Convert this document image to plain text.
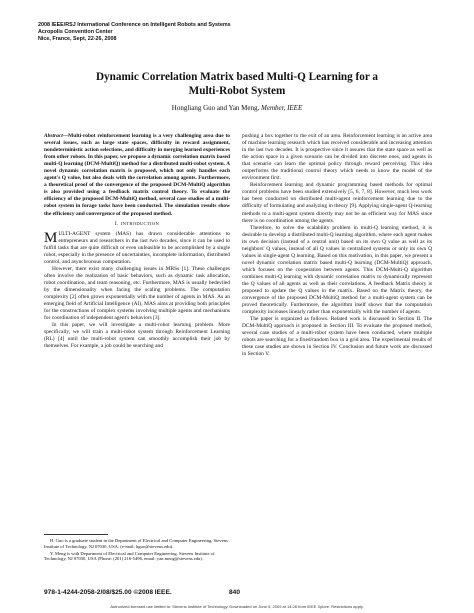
2008 IEEE/RSJ International Conference on Intelligent Robots and Systems
Acropolis Convention Center
Nice, France, Sept, 22-26, 2008
Dynamic Correlation Matrix based Multi-Q Learning for a
Multi-Robot System
Hongliang Guo and Yan Meng, Member, IEEE

Abstract—Multi-robot reinforcement learning is a very challenging area due to several issues, such as large state spaces, difficulty in reward assignment, nondeterministic action selections, and difficulty in merging learned experiences from other robots. In this paper, we propose a dynamic correlation matrix based multi-Q learning (DCM-MultiQ) method for a distributed multi-robot system. A novel dynamic correlation matrix is proposed, which not only handles each agent's Q value, but also deals with the correlation among agents. Furthermore, a theoretical proof of the convergence of the proposed DCM-MultiQ algorithm is also provided using a feedback matrix control theory. To evaluate the efficiency of the proposed DCM-MultiQ method, several case studies of a multi-robot system in forage tasks have been conducted. The simulation results show the efficiency and convergence of the proposed method.

I. INTRODUCTION

MULTI-AGENT system (MAS) has drawn considerable attentions to entrepreneurs and researchers in the last two decades, since it can be used to fulfill tasks that are quite difficult or even unfeasible to be accomplished by a single robot, especially in the presence of uncertainties, incomplete information, distributed control, and asynchronous computation.

However, there exist many challenging issues in MRSs [1]. These challenges often involve the realization of basic behaviors, such as dynamic task allocation, robot coordination, and team reasoning, etc. Furthermore, MAS is usually bedeviled by the dimensionality when facing the scaling problems. The computation complexity [2] often grows exponentially with the number of agents in MAS. As an emerging field of Artificial Intelligence (AI), MAS aims at providing both principles for the constructions of complex systems involving multiple agents and mechanisms for coordination of independent agent's behaviors [3].

In this paper, we will investigate a multi-robot learning problem. More specifically, we will train a multi-robot system through Reinforcement Learning (RL) [4] until the multi-robot system can smoothly accomplish their job by themselves. For example, a job could be searching and

H. Guo is a graduate student in the Department of Electrical and Computer Engineering, Stevens Institute of Technology, NJ 07030, USA, (e-mail: hguo@stevens.edu).

Y. Meng is with Department of Electrical and Computer Engineering, Stevens Institute of Technology, NJ 07030, USA (Phone: (201) 216-5496, email: yan.meng@stevens.edu).

pushing a box together to the exit of an area. Reinforcement learning is an active area of machine learning research which has received considerable and increasing attention in the last two decades. It is prospective since it assures that the state space as well as the action space in a given scenario can be divided into discrete ones, and agents in that scenario can learn the optimal policy through reward perceiving. This idea outperforms the traditional control theory which needs to know the model of the environment first.

Reinforcement learning and dynamic programming based methods for optimal control problems have been studied extensively [5, 6, 7, 8]. However, much less work has been conducted on distributed multi-agent reinforcement learning due to the difficulty of formulating and analyzing in theory [9]. Applying single-agent Q-learning methods to a multi-agent system directly may not be an efficient way for MAS since there is no coordination among the agents.

Therefore, to solve the scalability problem in multi-Q learning method, it is desirable to develop a distributed multi-Q learning algorithm, where each agent makes its own decision (instead of a central unit) based on its own Q value as well as its neighbors' Q values, instead of all Q values in centralized systems or only its own Q values in single-agent Q learning. Based on this motivation, in this paper, we present a novel dynamic correlation matrix based multi-Q learning (DCM-MultiQ) approach, which focuses on the cooperation between agents. This DCM-Multi-Q algorithm combines multi-Q learning with dynamic correlation matrix to dynamically represent the Q values of all agents as well as their correlations. A feedback Matrix theory is proposed to update the Q values in the matrix. Based on the Matrix theory, the convergence of the proposed DCM-MultiQ method for a multi-agent system can be proved theoretically. Furthermore, the algorithm itself shows that the computation complexity increases linearly rather than exponentially with the number of agents.

The paper is organized as follows. Related work is discussed in Section II. The DCM-MultiQ approach is proposed in Section III. To evaluate the proposed method, several case studies of a multi-robot system have been conducted, where multiple robots are searching for a fixed/random box in a grid area. The experimental results of these case studies are shown in Section IV. Conclusion and future work are discussed in Section V.

978-1-4244-2058-2/08/$25.00 ©2008 IEEE.	840
Authorized licensed use limited to: Stevens Institute of Technology. Downloaded on June 5, 2009 at 14:28 from IEEE Xplore. Restrictions apply.
